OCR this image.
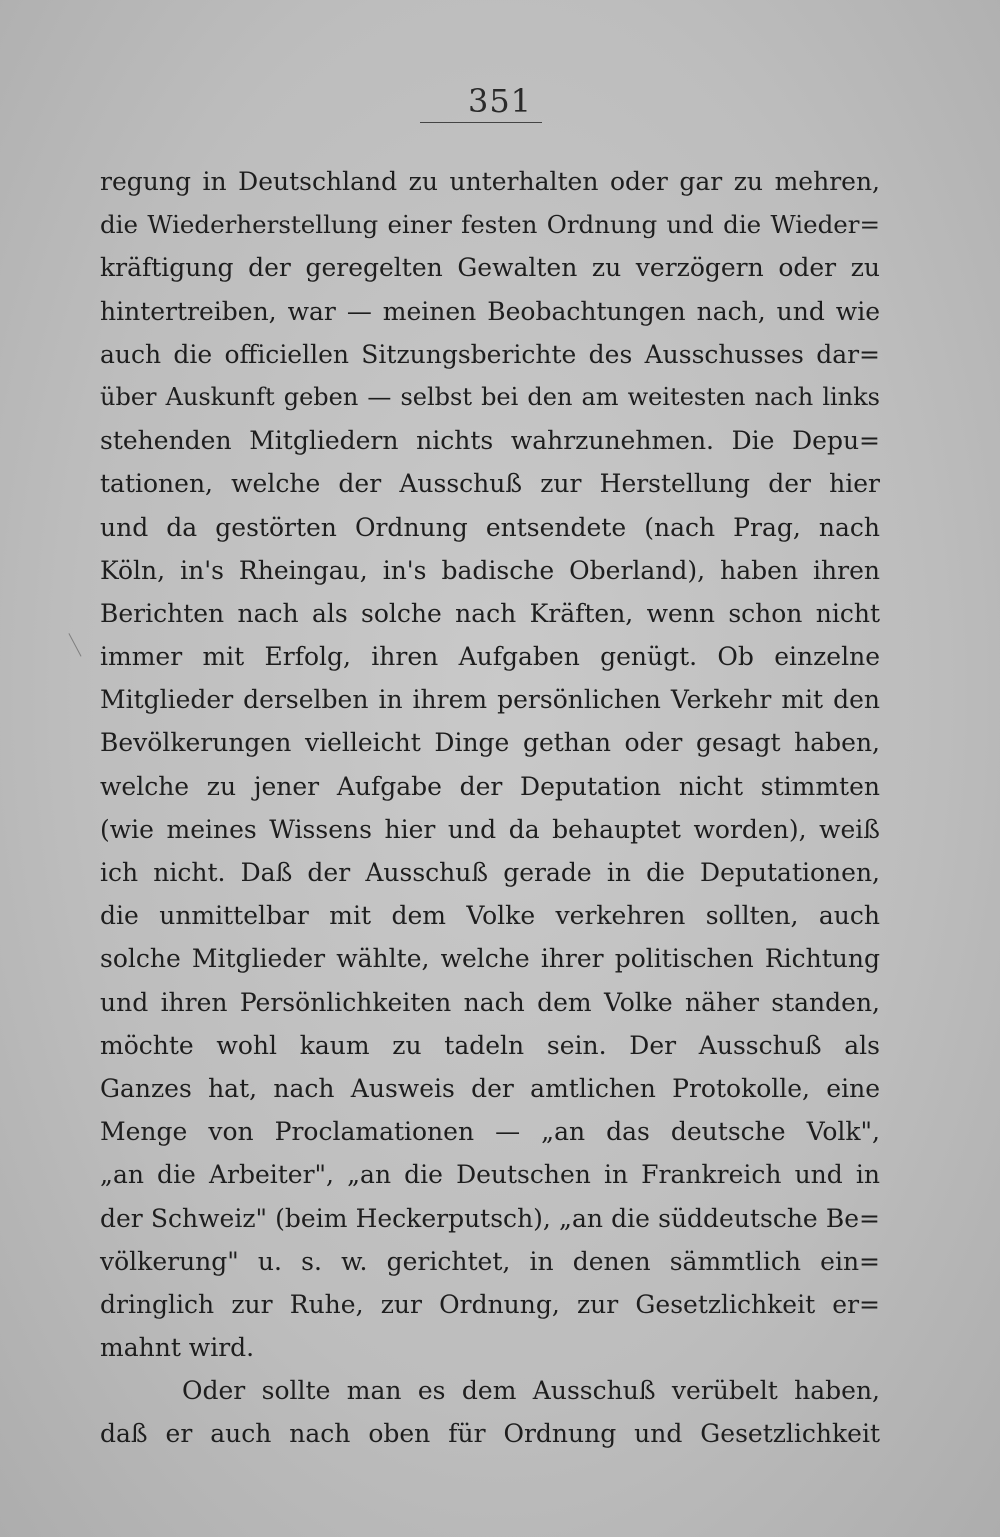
351
regung in Deutschland zu unterhalten oder gar zu mehren,
die Wiederherstellung einer festen Ordnung und die Wieder=
kräftigung der geregelten Gewalten zu verzögern oder zu
hintertreiben, war — meinen Beobachtungen nach, und wie
auch die officiellen Sitzungsberichte des Ausschusses dar=
über Auskunft geben — selbst bei den am weitesten nach links
stehenden Mitgliedern nichts wahrzunehmen. Die Depu=
tationen, welche der Ausschuß zur Herstellung der hier
und da gestörten Ordnung entsendete (nach Prag, nach
Köln, in's Rheingau, in's badische Oberland), haben ihren
Berichten nach als solche nach Kräften, wenn schon nicht
immer mit Erfolg, ihren Aufgaben genügt. Ob einzelne
Mitglieder derselben in ihrem persönlichen Verkehr mit den
Bevölkerungen vielleicht Dinge gethan oder gesagt haben,
welche zu jener Aufgabe der Deputation nicht stimmten
(wie meines Wissens hier und da behauptet worden), weiß
ich nicht. Daß der Ausschuß gerade in die Deputationen,
die unmittelbar mit dem Volke verkehren sollten, auch
solche Mitglieder wählte, welche ihrer politischen Richtung
und ihren Persönlichkeiten nach dem Volke näher standen,
möchte wohl kaum zu tadeln sein. Der Ausschuß als
Ganzes hat, nach Ausweis der amtlichen Protokolle, eine
Menge von Proclamationen — „an das deutsche Volk",
„an die Arbeiter", „an die Deutschen in Frankreich und in
der Schweiz" (beim Heckerputsch), „an die süddeutsche Be=
völkerung" u. s. w. gerichtet, in denen sämmtlich ein=
dringlich zur Ruhe, zur Ordnung, zur Gesetzlichkeit er=
mahnt wird.
Oder sollte man es dem Ausschuß verübelt haben,
daß er auch nach oben für Ordnung und Gesetzlichkeit
